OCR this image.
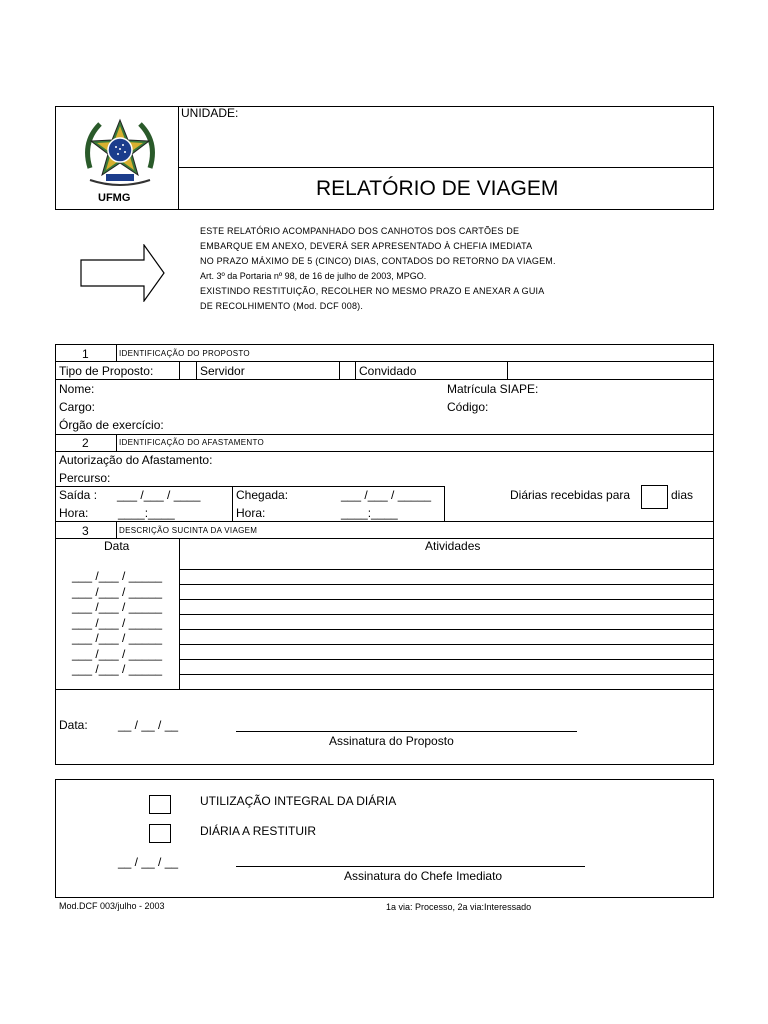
UFMG
UNIDADE:
RELATÓRIO DE VIAGEM
ESTE RELATÓRIO ACOMPANHADO DOS CANHOTOS DOS CARTÕES DE
EMBARQUE EM ANEXO, DEVERÁ SER APRESENTADO À CHEFIA IMEDIATA
NO PRAZO MÁXIMO DE 5 (CINCO) DIAS, CONTADOS DO RETORNO DA VIAGEM.
Art. 3º da Portaria nº 98, de 16 de julho de 2003, MPGO.
EXISTINDO RESTITUIÇÃO, RECOLHER NO MESMO PRAZO E ANEXAR A GUIA
DE RECOLHIMENTO (Mod. DCF 008).
1	IDENTIFICAÇÃO DO PROPOSTO
Tipo de Proposto:	Servidor	Convidado
Nome:	Matrícula SIAPE:
Cargo:	Código:
Órgão de exercício:
2	IDENTIFICAÇÃO DO AFASTAMENTO
Autorização do Afastamento:
Percurso:
Saída : ___ /___ / ____	Chegada:	___ /___ / _____
Hora: ____:____	Hora:	____:____
Diárias recebidas para	dias
3	DESCRIÇÃO SUCINTA DA VIAGEM
Data	Atividades
___ /___ / _____
___ /___ / _____
___ /___ / _____
___ /___ / _____
___ /___ / _____
___ /___ / _____
___ /___ / _____
Data:	__ / __ / __
Assinatura do Proposto
UTILIZAÇÃO INTEGRAL DA DIÁRIA
DIÁRIA A RESTITUIR
__ / __ / __
Assinatura do Chefe Imediato
Mod.DCF 003/julho - 2003	1a via: Processo, 2a via:Interessado
